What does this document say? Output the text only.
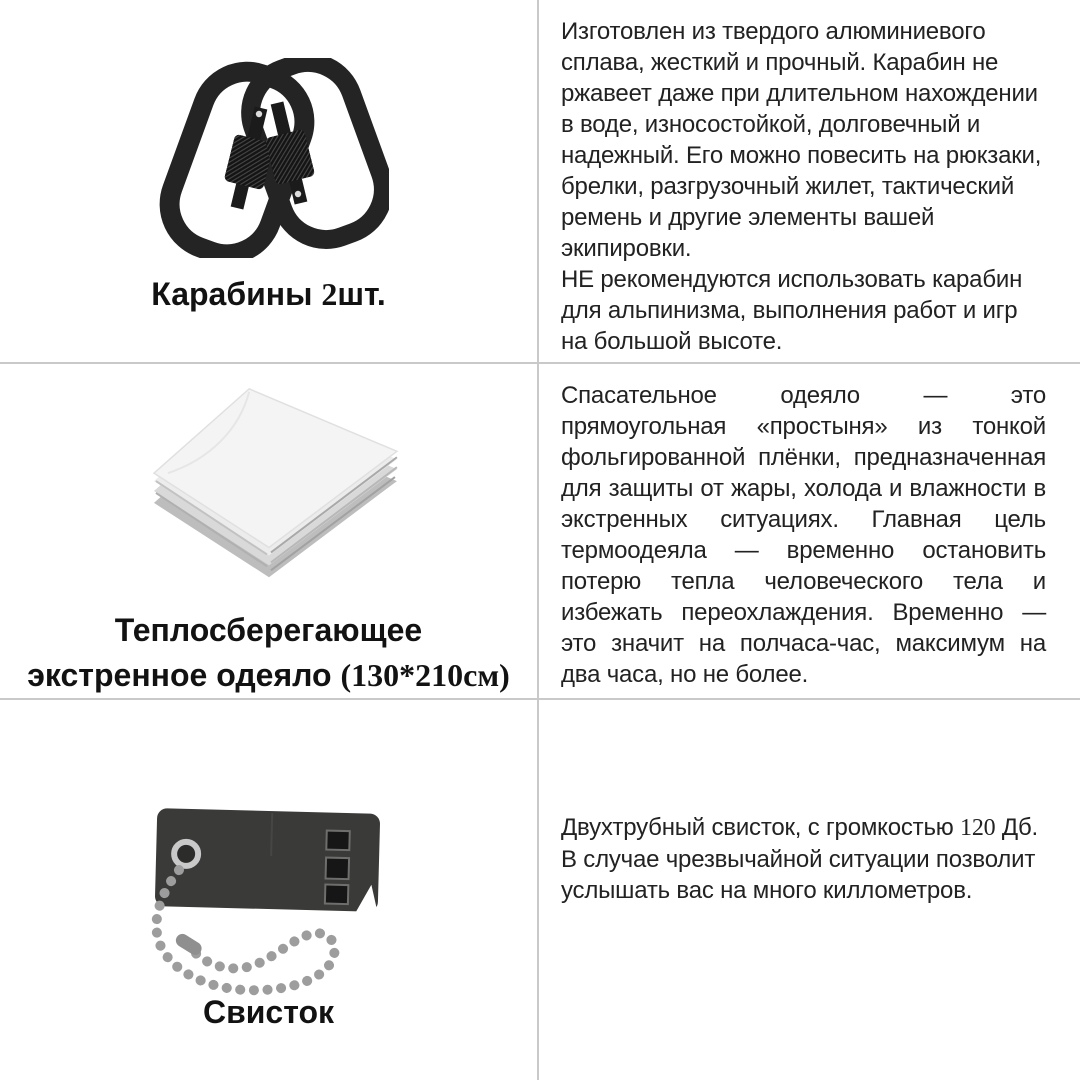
Карабины 2шт.

Изготовлен из твердого алюминиевого сплава, жесткий и прочный. Карабин не ржавеет даже при длительном нахождении в воде, износостойкой, долговечный и надежный. Его можно повесить на рюкзаки, брелки, разгрузочный жилет, тактический ремень и другие элементы вашей экипировки.

НЕ рекомендуются использовать карабин для альпинизма, выполнения работ и игр на большой высоте.

Теплосберегающее
экстренное одеяло (130*210см)

Спасательное одеяло — это прямоугольная «простыня» из тонкой фольгированной плёнки, предназначенная для защиты от жары, холода и влажности в экстренных ситуациях. Главная цель термоодеяла — временно остановить потерю тепла человеческого тела и избежать переохлаждения. Временно — это значит на полчаса-час, максимум на два часа, но не более.

Свисток

Двухтрубный свисток, с громкостью 120 Дб. В случае чрезвычайной ситуации позволит услышать вас на много киллометров.
